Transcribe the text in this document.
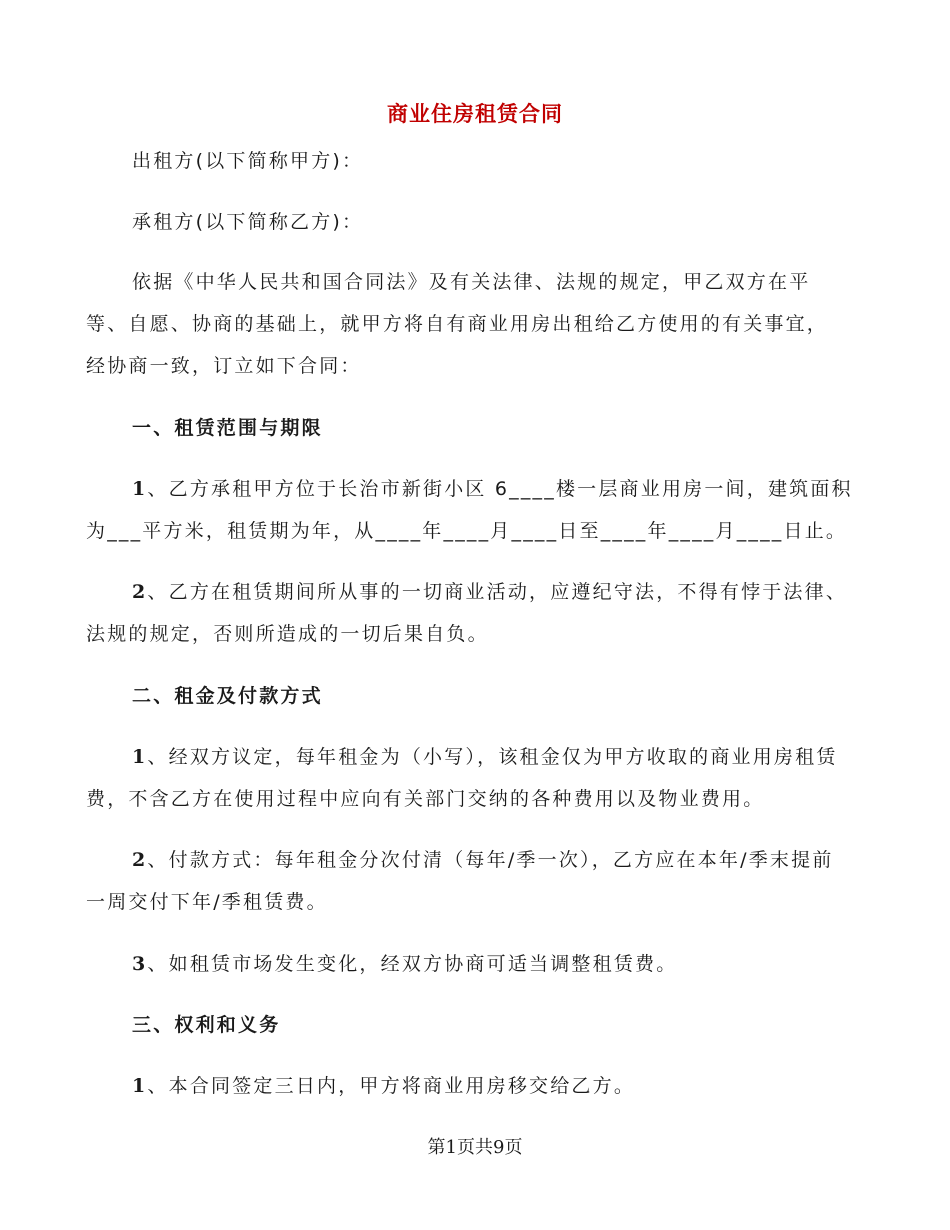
商业住房租赁合同
出租方(以下简称甲方)：
承租方(以下简称乙方)：
依据《中华人民共和国合同法》及有关法律、法规的规定，甲乙双方在平
等、自愿、协商的基础上，就甲方将自有商业用房出租给乙方使用的有关事宜，
经协商一致，订立如下合同：
一、租赁范围与期限
1、乙方承租甲方位于长治市新街小区 6____楼一层商业用房一间，建筑面积
为___平方米，租赁期为年，从____年____月____日至____年____月____日止。
2、乙方在租赁期间所从事的一切商业活动，应遵纪守法，不得有悖于法律、
法规的规定，否则所造成的一切后果自负。
二、租金及付款方式
1、经双方议定，每年租金为（小写），该租金仅为甲方收取的商业用房租赁
费，不含乙方在使用过程中应向有关部门交纳的各种费用以及物业费用。
2、付款方式：每年租金分次付清（每年/季一次），乙方应在本年/季末提前
一周交付下年/季租赁费。
3、如租赁市场发生变化，经双方协商可适当调整租赁费。
三、权利和义务
1、本合同签定三日内，甲方将商业用房移交给乙方。
第1页共9页
